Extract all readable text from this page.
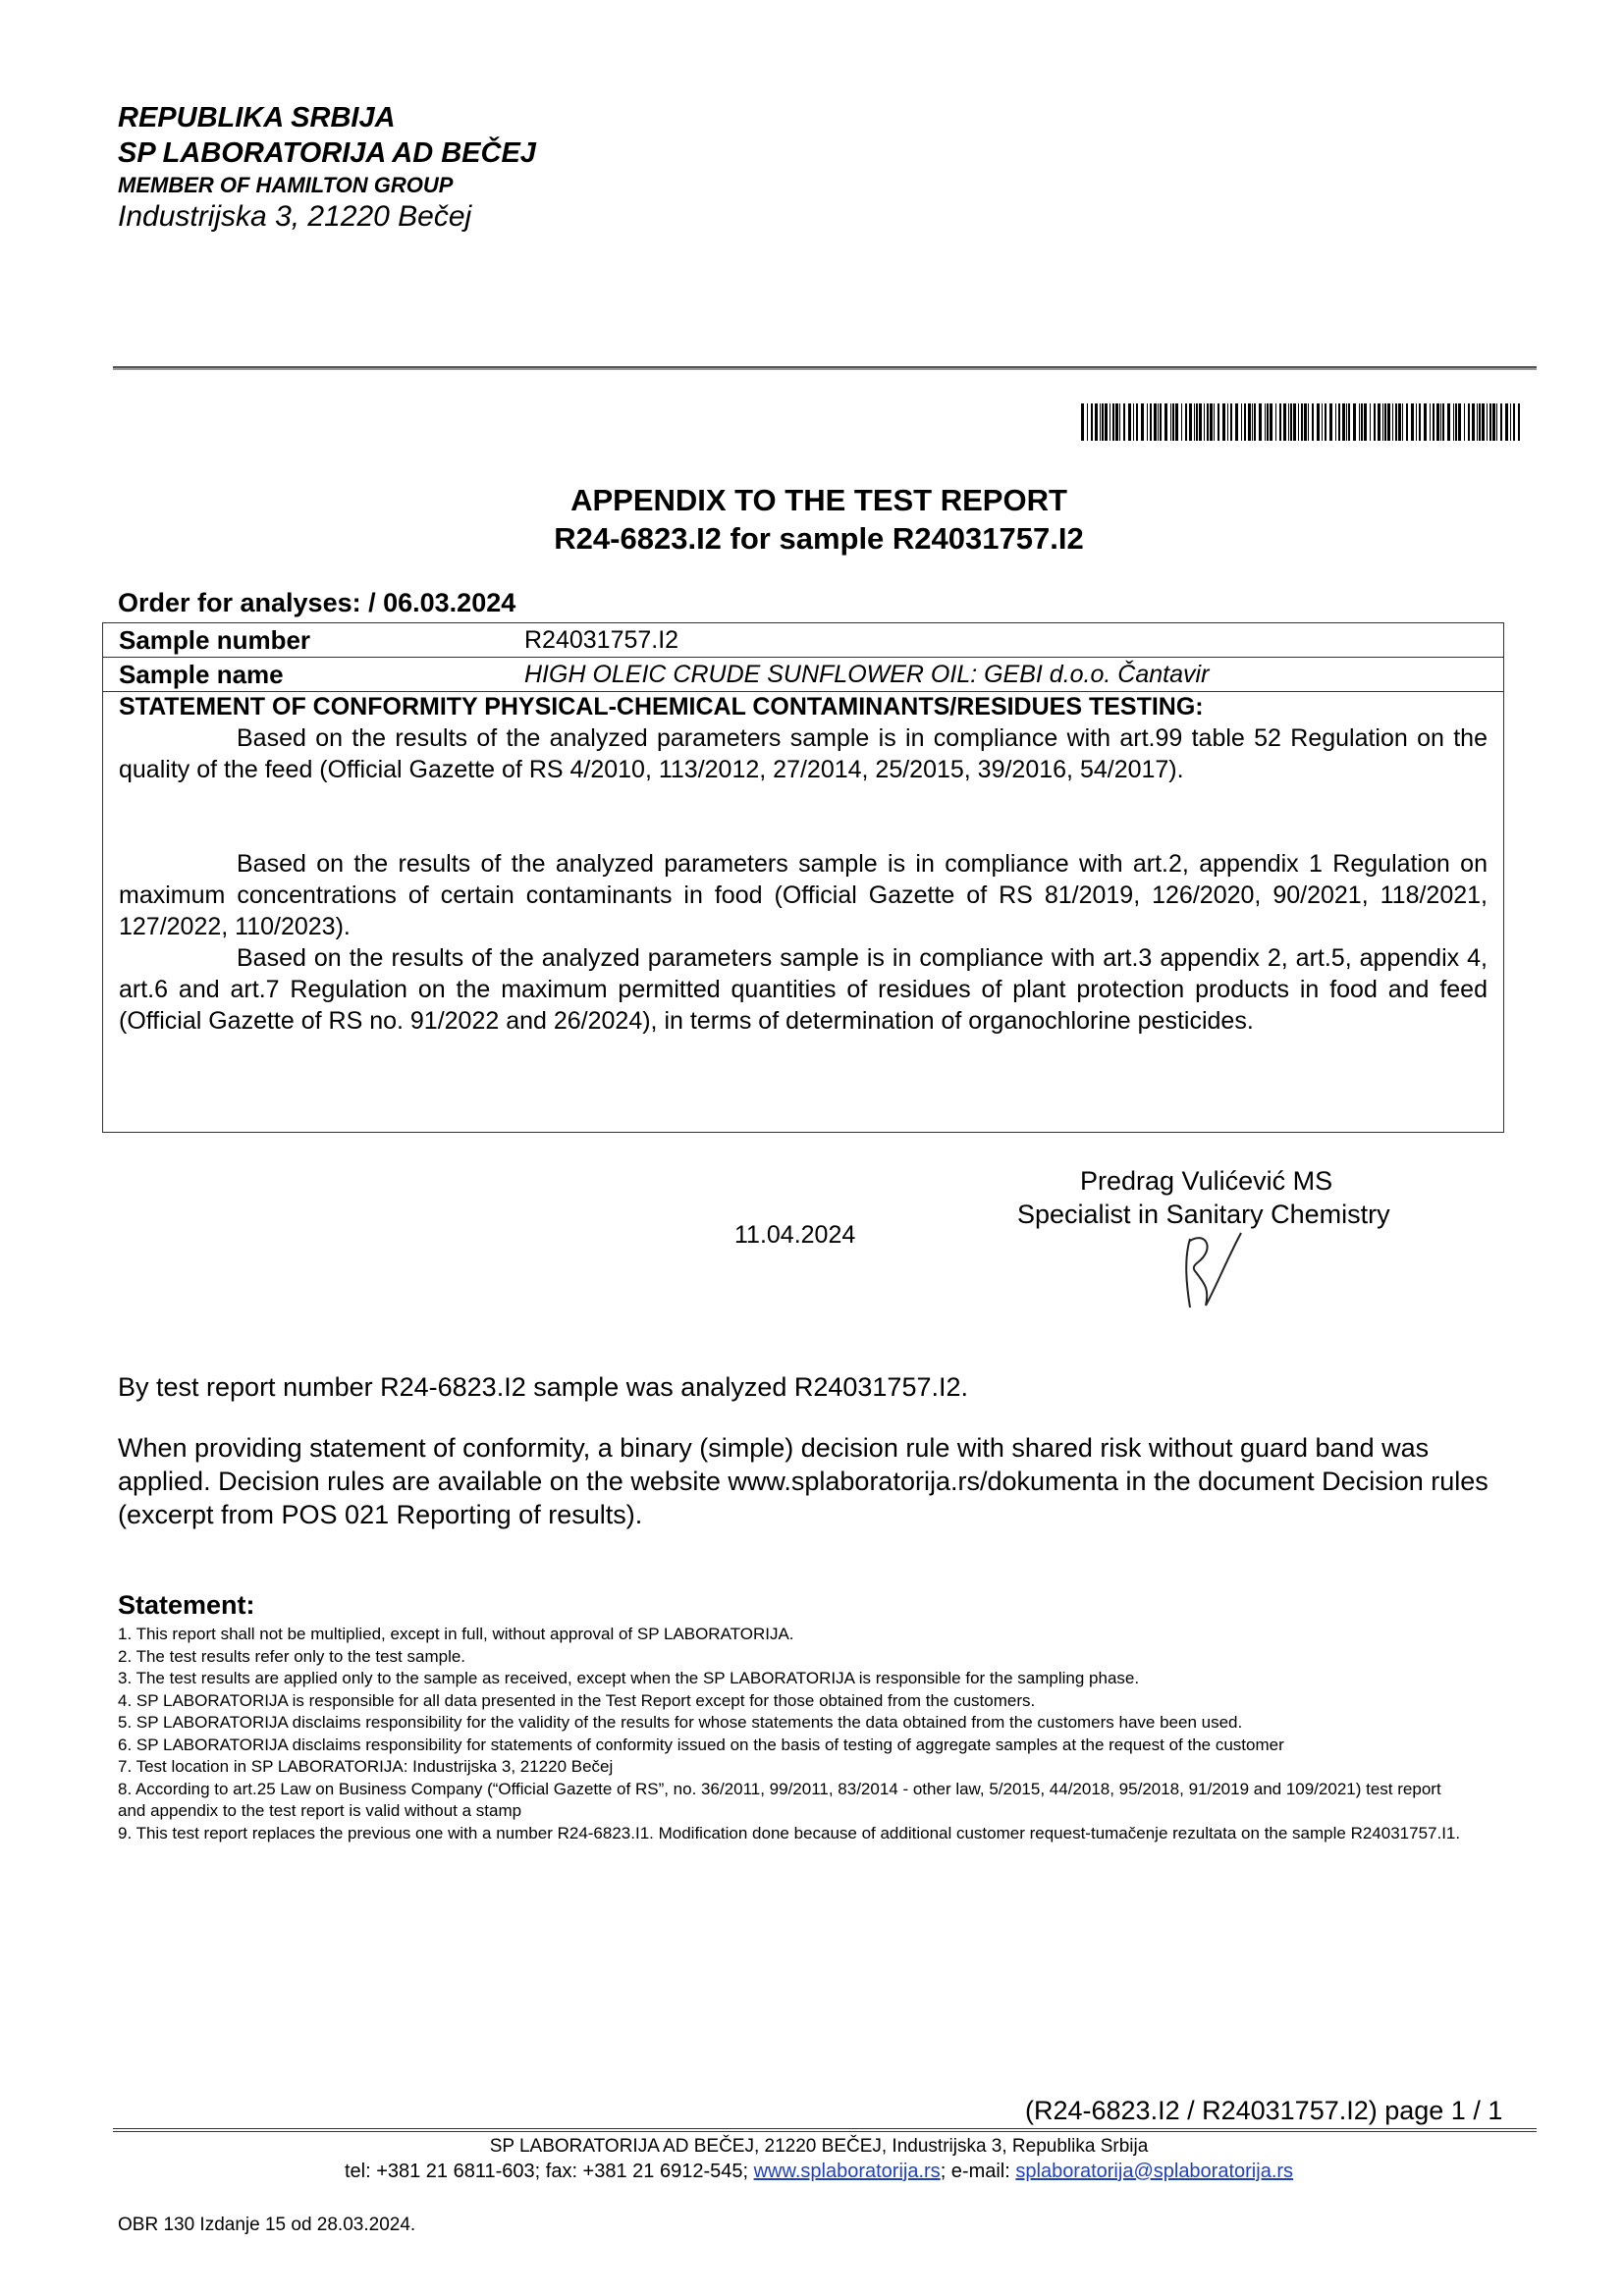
REPUBLIKA SRBIJA
SP LABORATORIJA AD BEČEJ
MEMBER OF HAMILTON GROUP
Industrijska 3, 21220 Bečej
APPENDIX TO THE TEST REPORT
R24-6823.I2 for sample R24031757.I2
Order for analyses: / 06.03.2024
Sample number	R24031757.I2
Sample name	HIGH OLEIC CRUDE SUNFLOWER OIL: GEBI d.o.o. Čantavir
STATEMENT OF CONFORMITY PHYSICAL-CHEMICAL CONTAMINANTS/RESIDUES TESTING:
Based on the results of the analyzed parameters sample is in compliance with art.99 table 52 Regulation on the quality of the feed (Official Gazette of RS 4/2010, 113/2012, 27/2014, 25/2015, 39/2016, 54/2017).
Based on the results of the analyzed parameters sample is in compliance with art.2, appendix 1 Regulation on maximum concentrations of certain contaminants in food (Official Gazette of RS 81/2019, 126/2020, 90/2021, 118/2021, 127/2022, 110/2023).
Based on the results of the analyzed parameters sample is in compliance with art.3 appendix 2, art.5, appendix 4, art.6 and art.7 Regulation on the maximum permitted quantities of residues of plant protection products in food and feed (Official Gazette of RS no. 91/2022 and 26/2024), in terms of determination of organochlorine pesticides.
Predrag Vulićević MS
Specialist in Sanitary Chemistry
11.04.2024
By test report number R24-6823.I2 sample was analyzed R24031757.I2.
When providing statement of conformity, a binary (simple) decision rule with shared risk without guard band was applied. Decision rules are available on the website www.splaboratorija.rs/dokumenta in the document Decision rules (excerpt from POS 021 Reporting of results).
Statement:
1. This report shall not be multiplied, except in full, without approval of SP LABORATORIJA.
2. The test results refer only to the test sample.
3. The test results are applied only to the sample as received, except when the SP LABORATORIJA is responsible for the sampling phase.
4. SP LABORATORIJA is responsible for all data presented in the Test Report except for those obtained from the customers.
5. SP LABORATORIJA disclaims responsibility for the validity of the results for whose statements the data obtained from the customers have been used.
6. SP LABORATORIJA disclaims responsibility for statements of conformity issued on the basis of testing of aggregate samples at the request of the customer
7. Test location in SP LABORATORIJA: Industrijska 3, 21220 Bečej
8. According to art.25 Law on Business Company (“Official Gazette of RS”, no. 36/2011, 99/2011, 83/2014 - other law, 5/2015, 44/2018, 95/2018, 91/2019 and 109/2021) test report and appendix to the test report is valid without a stamp
9. This test report replaces the previous one with a number R24-6823.I1. Modification done because of additional customer request-tumačenje rezultata on the sample R24031757.I1.
(R24-6823.I2 / R24031757.I2) page 1 / 1
SP LABORATORIJA AD BEČEJ, 21220 BEČEJ, Industrijska 3, Republika Srbija
tel: +381 21 6811-603; fax: +381 21 6912-545; www.splaboratorija.rs; e-mail: splaboratorija@splaboratorija.rs
OBR 130 Izdanje 15 od 28.03.2024.
